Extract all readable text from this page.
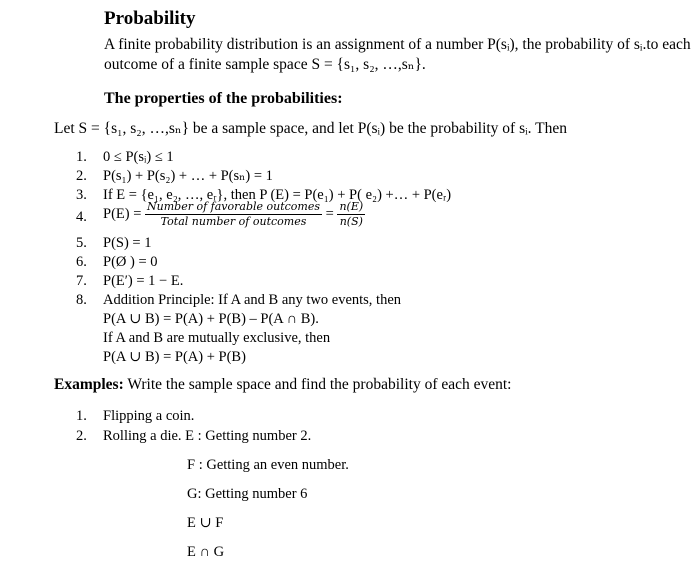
Probability
A finite probability distribution is an assignment of a number P(sᵢ), the probability of sᵢ.to each
outcome of a finite sample space S = {s₁, s₂, …,sₙ}.
The properties of the probabilities:
Let S = {s₁, s₂, …,sₙ} be a sample space, and let P(sᵢ) be the probability of sᵢ. Then
1. 0 ≤ P(sᵢ) ≤ 1
2. P(s₁) + P(s₂) + … + P(sₙ) = 1
3. If E = {e₁, e₂, …, eᵣ}, then P (E) = P(e₁) + P( e₂) +… + P(eᵣ)
4. $P(E) = \frac{\text{Number of favorable outcomes}}{\text{Total number of outcomes}} = \frac{n(E)}{n(S)}$
5. P(S) = 1
6. P(Ø ) = 0
7. P(E′) = 1 − E.
8. Addition Principle: If A and B any two events, then
P(A ∪ B) = P(A) + P(B) – P(A ∩ B).
If A and B are mutually exclusive, then
P(A ∪ B) = P(A) + P(B)
Examples: Write the sample space and find the probability of each event:
1. Flipping a coin.
2. Rolling a die. E : Getting number 2.
F : Getting an even number.
G: Getting number 6
E ∪ F
E ∩ G
